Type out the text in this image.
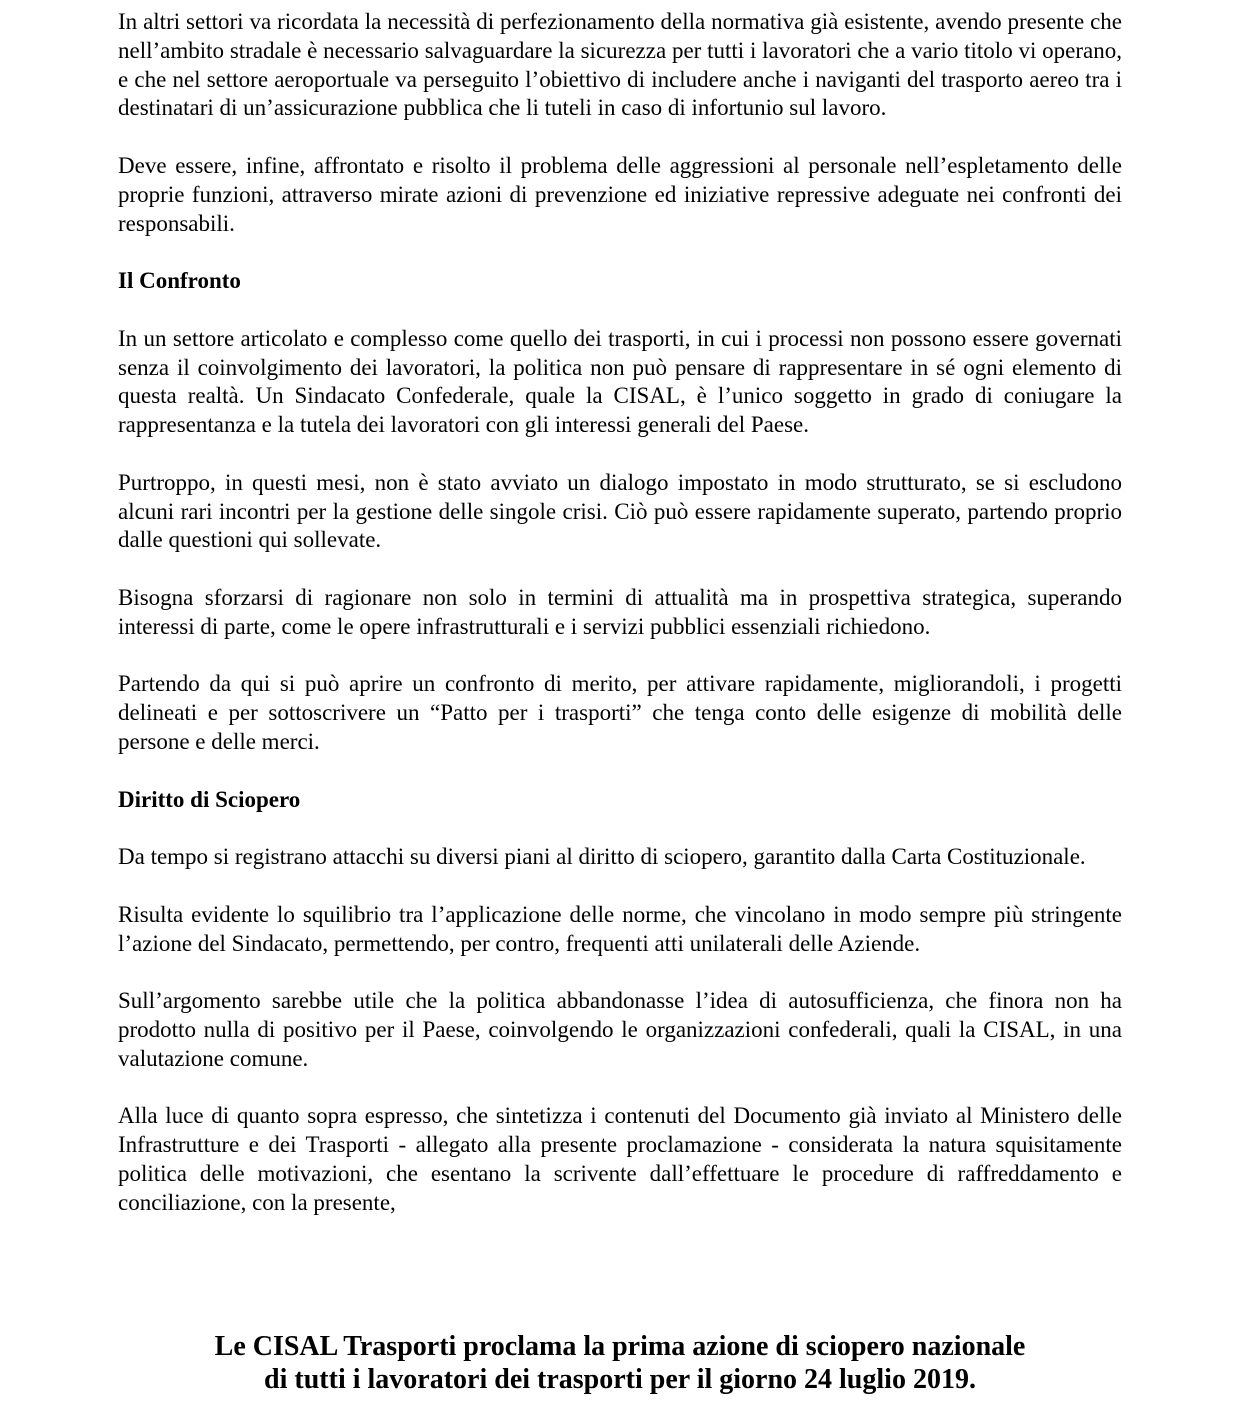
In altri settori va ricordata la necessità di perfezionamento della normativa già esistente, avendo presente che nell’ambito stradale è necessario salvaguardare la sicurezza per tutti i lavoratori che a vario titolo vi operano, e che nel settore aeroportuale va perseguito l’obiettivo di includere anche i naviganti del trasporto aereo tra i destinatari di un’assicurazione pubblica che li tuteli in caso di infortunio sul lavoro.

Deve essere, infine, affrontato e risolto il problema delle aggressioni al personale nell’espletamento delle proprie funzioni, attraverso mirate azioni di prevenzione ed iniziative repressive adeguate nei confronti dei responsabili.

Il Confronto

In un settore articolato e complesso come quello dei trasporti, in cui i processi non possono essere governati senza il coinvolgimento dei lavoratori, la politica non può pensare di rappresentare in sé ogni elemento di questa realtà. Un Sindacato Confederale, quale la CISAL, è l’unico soggetto in grado di coniugare la rappresentanza e la tutela dei lavoratori con gli interessi generali del Paese.

Purtroppo, in questi mesi, non è stato avviato un dialogo impostato in modo strutturato, se si escludono alcuni rari incontri per la gestione delle singole crisi. Ciò può essere rapidamente superato, partendo proprio dalle questioni qui sollevate.

Bisogna sforzarsi di ragionare non solo in termini di attualità ma in prospettiva strategica, superando interessi di parte, come le opere infrastrutturali e i servizi pubblici essenziali richiedono.

Partendo da qui si può aprire un confronto di merito, per attivare rapidamente, migliorandoli, i progetti delineati e per sottoscrivere un “Patto per i trasporti” che tenga conto delle esigenze di mobilità delle persone e delle merci.

Diritto di Sciopero

Da tempo si registrano attacchi su diversi piani al diritto di sciopero, garantito dalla Carta Costituzionale.

Risulta evidente lo squilibrio tra l’applicazione delle norme, che vincolano in modo sempre più stringente l’azione del Sindacato, permettendo, per contro, frequenti atti unilaterali delle Aziende.

Sull’argomento sarebbe utile che la politica abbandonasse l’idea di autosufficienza, che finora non ha prodotto nulla di positivo per il Paese, coinvolgendo le organizzazioni confederali, quali la CISAL, in una valutazione comune.

Alla luce di quanto sopra espresso, che sintetizza i contenuti del Documento già inviato al Ministero delle Infrastrutture e dei Trasporti - allegato alla presente proclamazione - considerata la natura squisitamente politica delle motivazioni, che esentano la scrivente dall’effettuare le procedure di raffreddamento e conciliazione, con la presente,

Le CISAL Trasporti proclama la prima azione di sciopero nazionale
di tutti i lavoratori dei trasporti per il giorno 24 luglio 2019.
